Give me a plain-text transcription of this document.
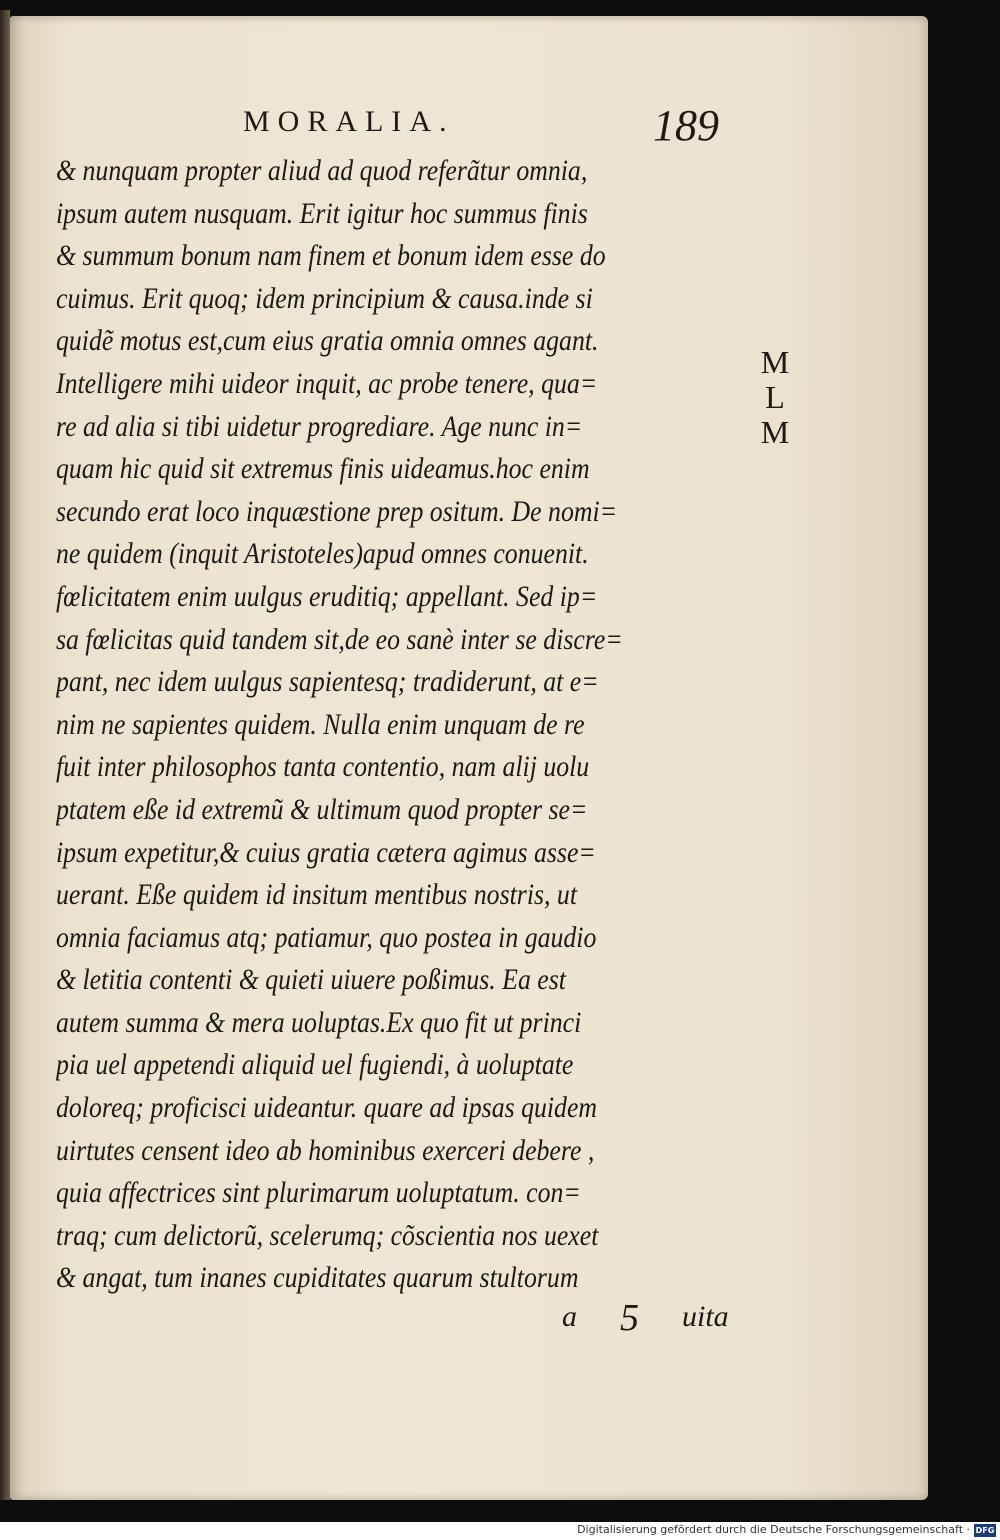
MORALIA.	189
& nunquam propter aliud ad quod referãtur omnia,
ipsum autem nusquam. Erit igitur hoc summus finis
& summum bonum nam finem et bonum idem esse do
cuimus. Erit quoq; idem principium & causa.inde si
quidẽ motus est,cum eius gratia omnia omnes agant.
Intelligere mihi uideor inquit, ac probe tenere, qua=
re ad alia si tibi uidetur progrediare. Age nunc in=
quam hic quid sit extremus finis uideamus.hoc enim
secundo erat loco inquæstione prep ositum. De nomi=
ne quidem (inquit Aristoteles)apud omnes conuenit.
fœlicitatem enim uulgus eruditiq; appellant. Sed ip=
sa fœlicitas quid tandem sit,de eo sanè inter se discre=
pant, nec idem uulgus sapientesq; tradiderunt, at e=
nim ne sapientes quidem. Nulla enim unquam de re
fuit inter philosophos tanta contentio, nam alij uolu
ptatem eße id extremũ & ultimum quod propter se=
ipsum expetitur,& cuius gratia cætera agimus asse=
uerant. Eße quidem id insitum mentibus nostris, ut
omnia faciamus atq; patiamur, quo postea in gaudio
& letitia contenti & quieti uiuere poßimus. Ea est
autem summa & mera uoluptas.Ex quo fit ut princi
pia uel appetendi aliquid uel fugiendi, à uoluptate
doloreq; proficisci uideantur. quare ad ipsas quidem
uirtutes censent ideo ab hominibus exerceri debere ,
quia affectrices sint plurimarum uoluptatum. con=
traq; cum delictorũ, scelerumq; cõscientia nos uexet
& angat, tum inanes cupiditates quarum stultorum
M
L
M
a 5 uita
Digitalisierung gefördert durch die Deutsche Forschungsgemeinschaft · DFG
